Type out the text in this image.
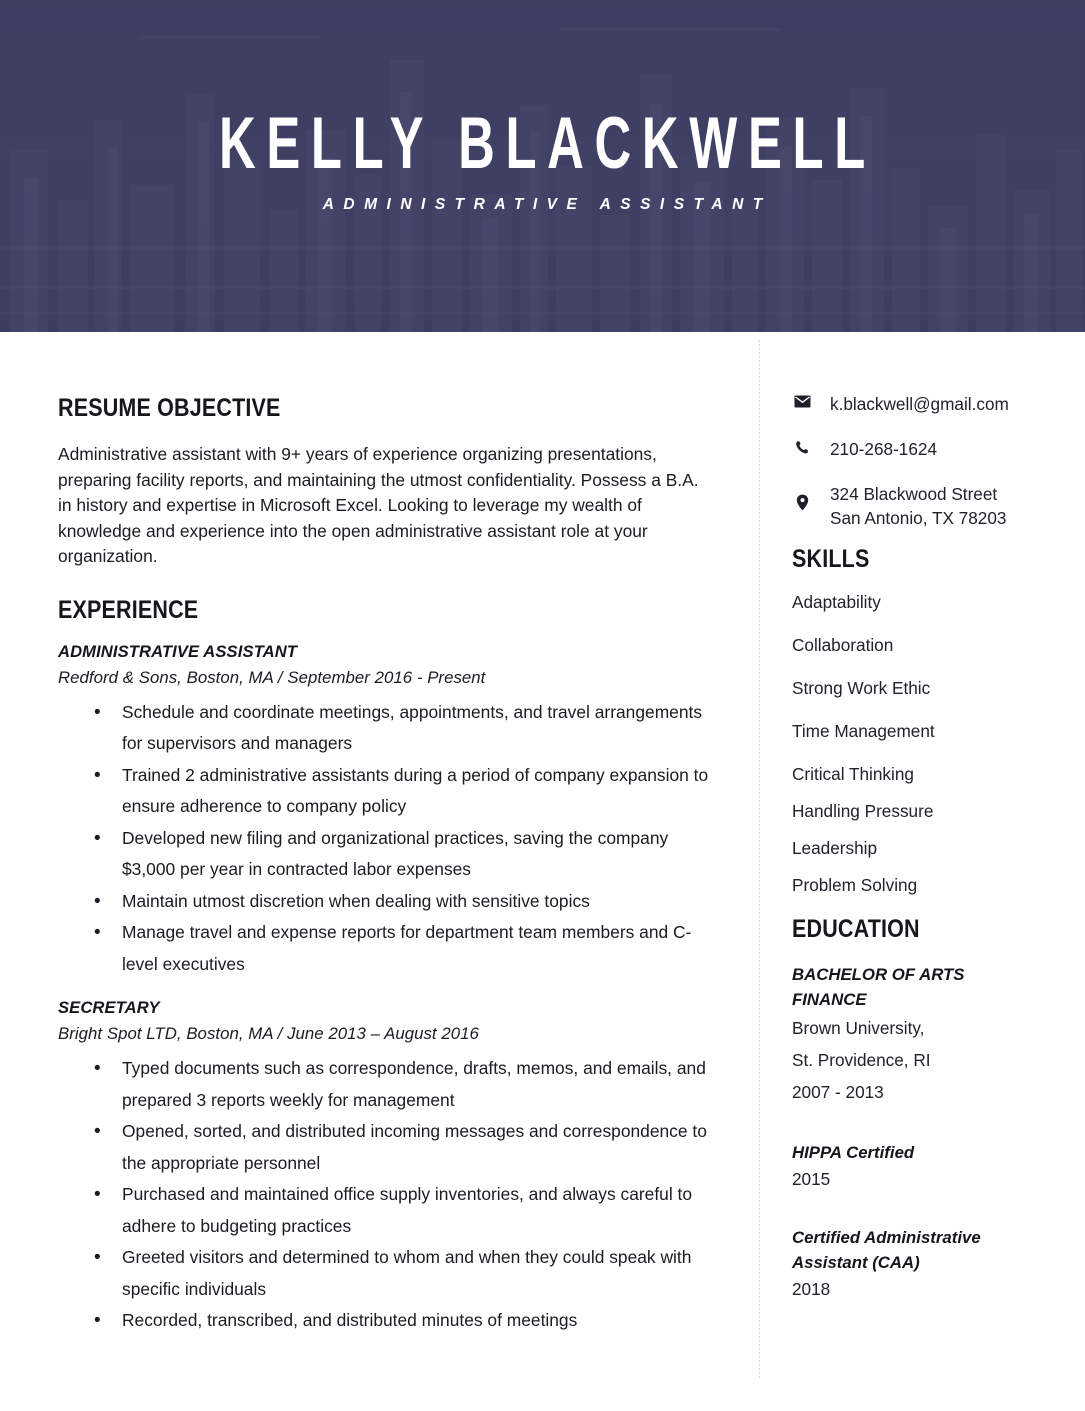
KELLY BLACKWELL
ADMINISTRATIVE ASSISTANT
RESUME OBJECTIVE

Administrative assistant with 9+ years of experience organizing presentations, preparing facility reports, and maintaining the utmost confidentiality. Possess a B.A. in history and expertise in Microsoft Excel. Looking to leverage my wealth of knowledge and experience into the open administrative assistant role at your organization.

EXPERIENCE
ADMINISTRATIVE ASSISTANT
Redford & Sons, Boston, MA / September 2016 - Present
• Schedule and coordinate meetings, appointments, and travel arrangements for supervisors and managers
• Trained 2 administrative assistants during a period of company expansion to ensure adherence to company policy
• Developed new filing and organizational practices, saving the company $3,000 per year in contracted labor expenses
• Maintain utmost discretion when dealing with sensitive topics
• Manage travel and expense reports for department team members and C-level executives
SECRETARY
Bright Spot LTD, Boston, MA / June 2013 – August 2016
• Typed documents such as correspondence, drafts, memos, and emails, and prepared 3 reports weekly for management
• Opened, sorted, and distributed incoming messages and correspondence to the appropriate personnel
• Purchased and maintained office supply inventories, and always careful to adhere to budgeting practices
• Greeted visitors and determined to whom and when they could speak with specific individuals
• Recorded, transcribed, and distributed minutes of meetings
k.blackwell@gmail.com
210-268-1624
324 Blackwood Street
San Antonio, TX 78203
SKILLS
Adaptability
Collaboration
Strong Work Ethic
Time Management
Critical Thinking
Handling Pressure
Leadership
Problem Solving
EDUCATION
BACHELOR OF ARTS
FINANCE
Brown University,
St. Providence, RI
2007 - 2013
HIPPA Certified
2015
Certified Administrative
Assistant (CAA)
2018
